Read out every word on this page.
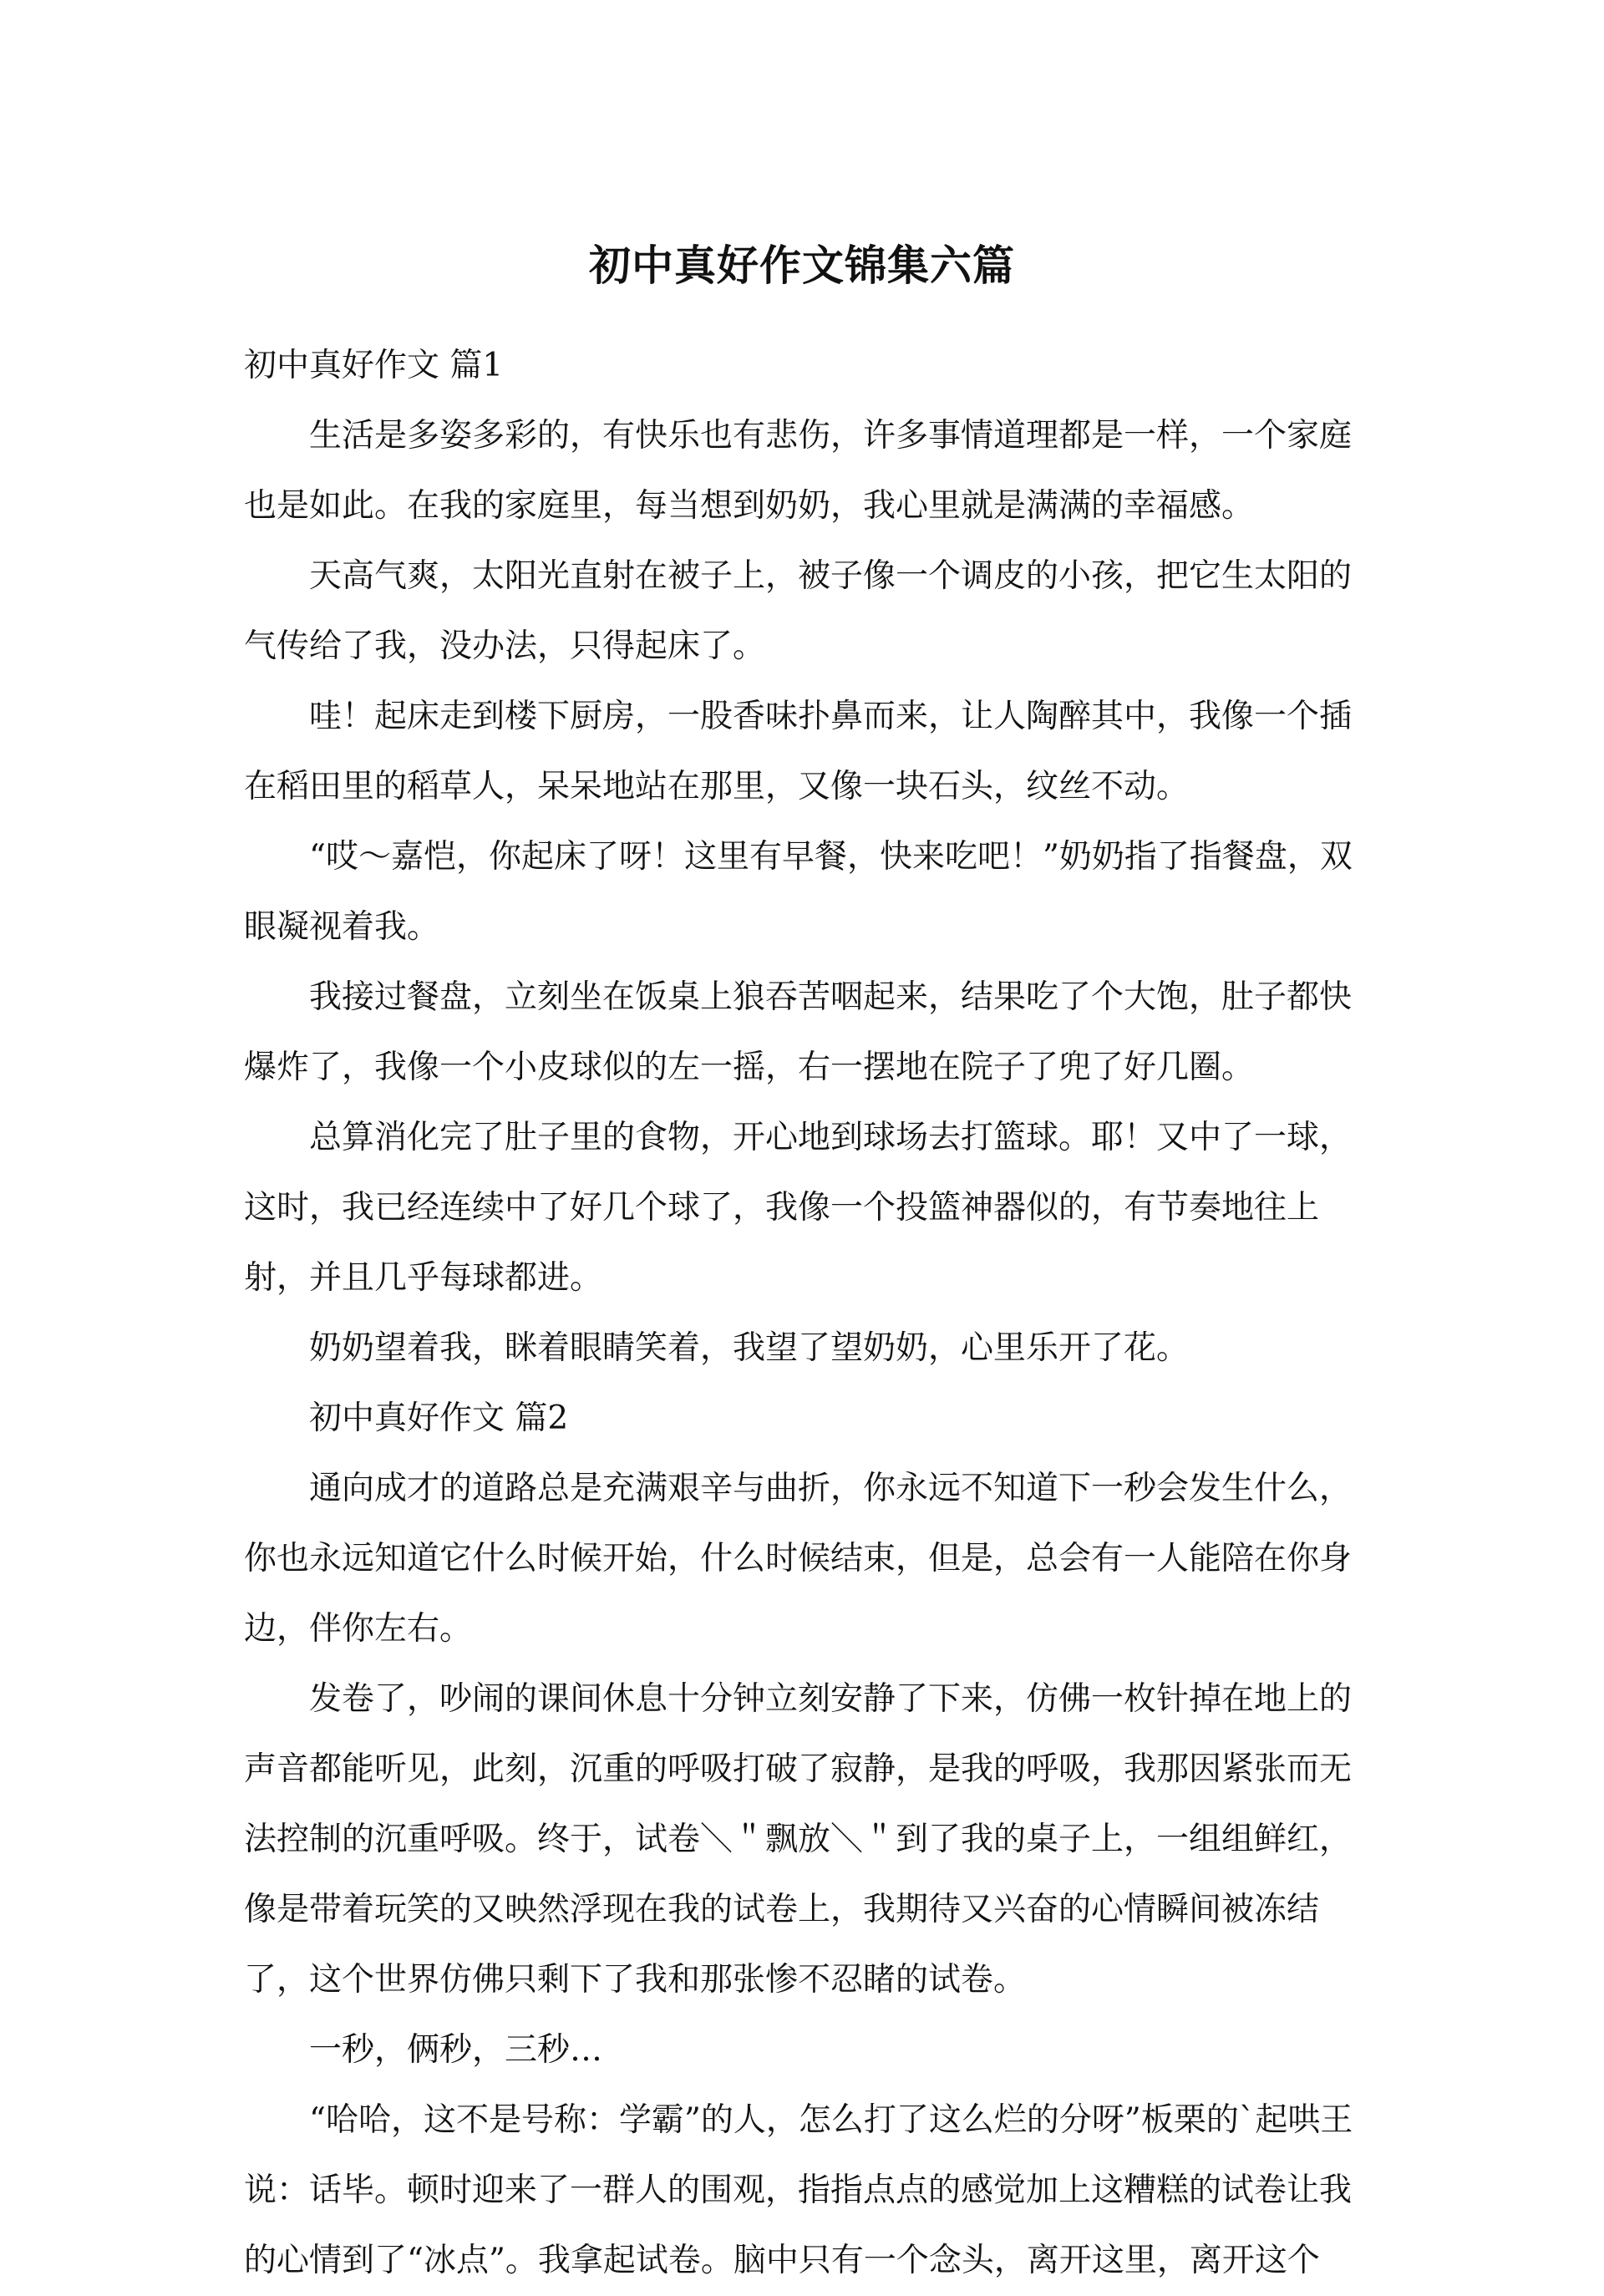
初中真好作文锦集六篇

初中真好作文 篇1

生活是多姿多彩的，有快乐也有悲伤，许多事情道理都是一样，一个家庭也是如此。在我的家庭里，每当想到奶奶，我心里就是满满的幸福感。

天高气爽，太阳光直射在被子上，被子像一个调皮的小孩，把它生太阳的气传给了我，没办法，只得起床了。

哇！起床走到楼下厨房，一股香味扑鼻而来，让人陶醉其中，我像一个插在稻田里的稻草人，呆呆地站在那里，又像一块石头，纹丝不动。

“哎～嘉恺，你起床了呀！这里有早餐，快来吃吧！”奶奶指了指餐盘，双眼凝视着我。

我接过餐盘，立刻坐在饭桌上狼吞苦咽起来，结果吃了个大饱，肚子都快爆炸了，我像一个小皮球似的左一摇，右一摆地在院子了兜了好几圈。

总算消化完了肚子里的食物，开心地到球场去打篮球。耶！又中了一球，这时，我已经连续中了好几个球了，我像一个投篮神器似的，有节奏地往上射，并且几乎每球都进。

奶奶望着我，眯着眼睛笑着，我望了望奶奶，心里乐开了花。

初中真好作文 篇2

通向成才的道路总是充满艰辛与曲折，你永远不知道下一秒会发生什么，你也永远知道它什么时候开始，什么时候结束，但是，总会有一人能陪在你身边，伴你左右。

发卷了，吵闹的课间休息十分钟立刻安静了下来，仿佛一枚针掉在地上的声音都能听见，此刻，沉重的呼吸打破了寂静，是我的呼吸，我那因紧张而无法控制的沉重呼吸。终于，试卷＼＂飘放＼＂到了我的桌子上，一组组鲜红，像是带着玩笑的又映然浮现在我的试卷上，我期待又兴奋的心情瞬间被冻结了，这个世界仿佛只剩下了我和那张惨不忍睹的试卷。

一秒，俩秒，三秒…

“哈哈，这不是号称：学霸”的人，怎么打了这么烂的分呀”板栗的`起哄王说：话毕。顿时迎来了一群人的围观，指指点点的感觉加上这糟糕的试卷让我的心情到了“冰点”。我拿起试卷。脑中只有一个念头，离开这里，离开这个
